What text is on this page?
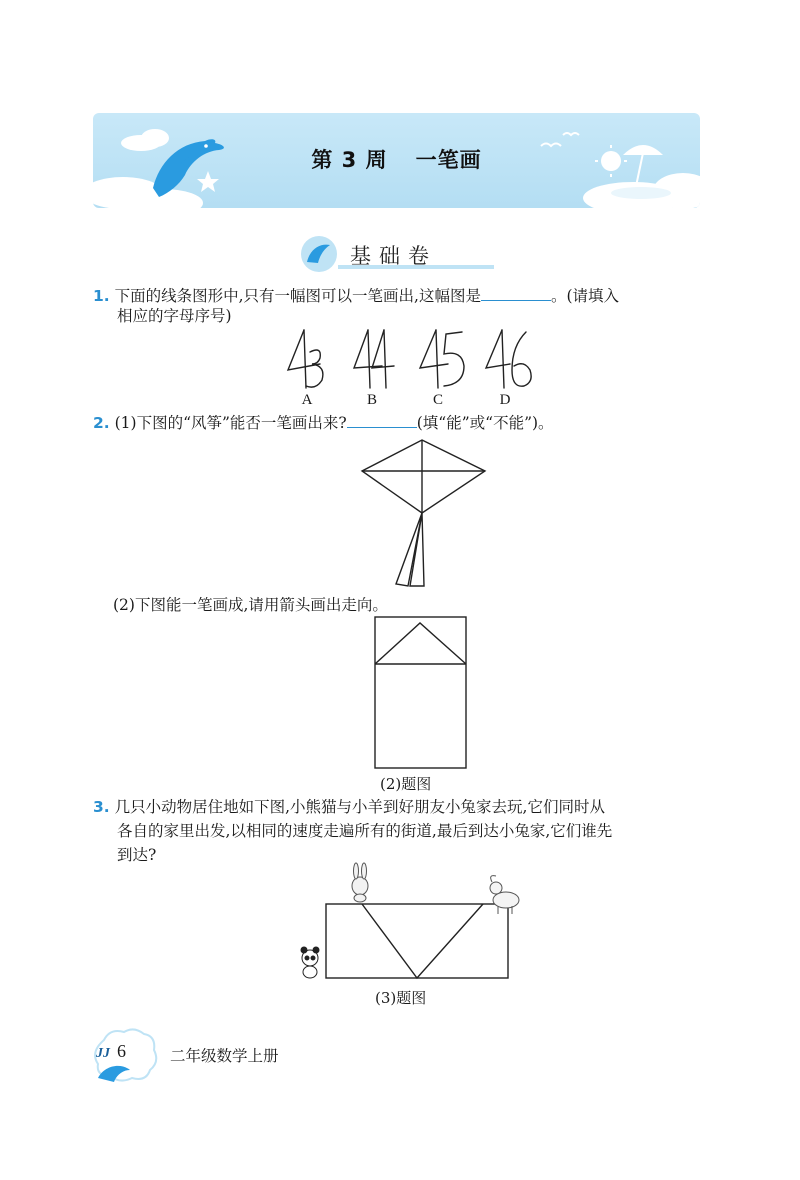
第 3 周 一笔画
基础卷
1. 下面的线条图形中,只有一幅图可以一笔画出,这幅图是	。(请填入
相应的字母序号)
A	B	C	D
2. (1)下图的“风筝”能否一笔画出来?	(填“能”或“不能”)。
(2)下图能一笔画成,请用箭头画出走向。
(2)题图
3. 几只小动物居住地如下图,小熊猫与小羊到好朋友小兔家去玩,它们同时从
各自的家里出发,以相同的速度走遍所有的街道,最后到达小兔家,它们谁先
到达?
(3)题图
JJ 6	二年级数学上册
